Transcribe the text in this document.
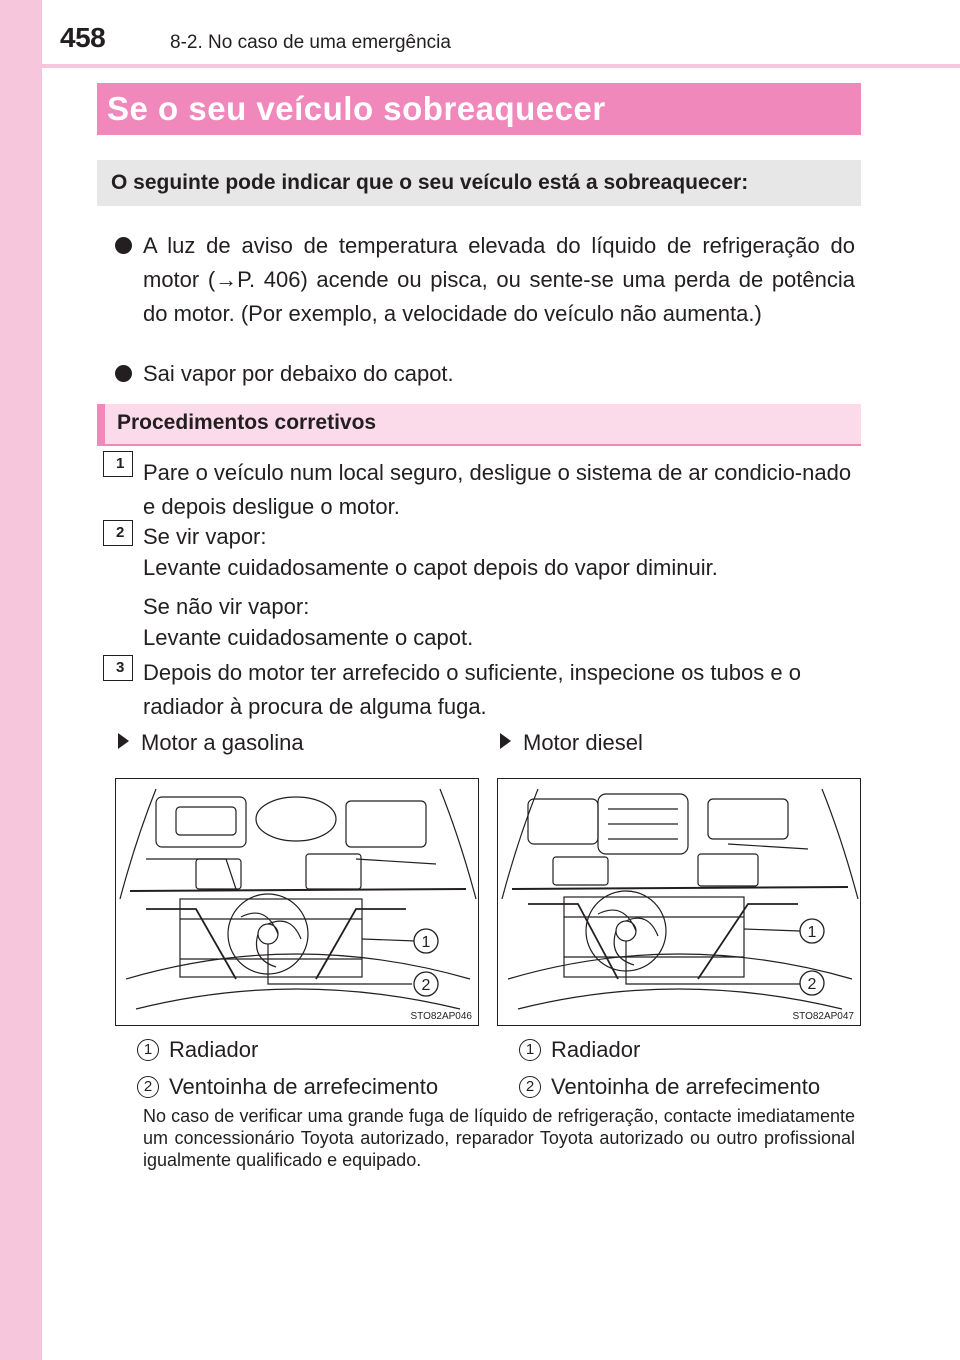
458	8-2. No caso de uma emergência
Se o seu veículo sobreaquecer
O seguinte pode indicar que o seu veículo está a sobreaquecer:
A luz de aviso de temperatura elevada do líquido de refrigeração do motor (→P. 406) acende ou pisca, ou sente-se uma perda de potência do motor. (Por exemplo, a velocidade do veículo não aumenta.)
Sai vapor por debaixo do capot.
Procedimentos corretivos
1 Pare o veículo num local seguro, desligue o sistema de ar condicio-nado e depois desligue o motor.
2 Se vir vapor:
Levante cuidadosamente o capot depois do vapor diminuir.
Se não vir vapor:
Levante cuidadosamente o capot.
3 Depois do motor ter arrefecido o suficiente, inspecione os tubos e o radiador à procura de alguma fuga.
Motor a gasolina	Motor diesel
1
2
STO82AP046
1
2
STO82AP047
1 Radiador
2 Ventoinha de arrefecimento
1 Radiador
2 Ventoinha de arrefecimento
No caso de verificar uma grande fuga de líquido de refrigeração, contacte imediatamente um concessionário Toyota autorizado, reparador Toyota autorizado ou outro profissional igualmente qualificado e equipado.
